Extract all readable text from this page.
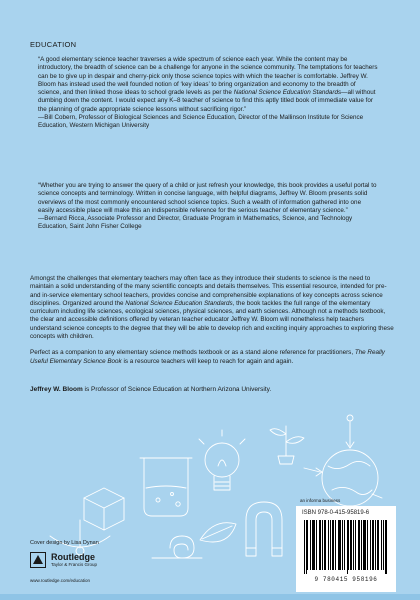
EDUCATION

“A good elementary science teacher traverses a wide spectrum of science each year. While the content may be introductory, the breadth of science can be a challenge for anyone in the science community. The temptations for teachers can be to give up in despair and cherry-pick only those science topics with which the teacher is comfortable. Jeffrey W. Bloom has instead used the well founded notion of ‘key ideas’ to bring organization and economy to the breadth of science, and then linked those ideas to school grade levels as per the National Science Education Standards—all without dumbing down the content. I would expect any K–8 teacher of science to find this aptly titled book of immediate value for the planning of grade appropriate science lessons without sacrificing rigor.”

—Bill Cobern, Professor of Biological Sciences and Science Education, Director of the Mallinson Institute for Science Education, Western Michigan University

“Whether you are trying to answer the query of a child or just refresh your knowledge, this book provides a useful portal to science concepts and terminology. Written in concise language, with helpful diagrams, Jeffrey W. Bloom presents solid overviews of the most commonly encountered school science topics. Such a wealth of information gathered into one easily accessible place will make this an indispensible reference for the serious teacher of elementary science.”

—Bernard Ricca, Associate Professor and Director, Graduate Program in Mathematics, Science, and Technology Education, Saint John Fisher College

Amongst the challenges that elementary teachers may often face as they introduce their students to science is the need to maintain a solid understanding of the many scientific concepts and details themselves. This essential resource, intended for pre- and in-service elementary school teachers, provides concise and comprehensible explanations of key concepts across science disciplines. Organized around the National Science Education Standards, the book tackles the full range of the elementary curriculum including life sciences, ecological sciences, physical sciences, and earth sciences. Although not a methods textbook, the clear and accessible definitions offered by veteran teacher educator Jeffrey W. Bloom will nonetheless help teachers understand science concepts to the degree that they will be able to develop rich and exciting inquiry approaches to exploring these concepts with children.

Perfect as a companion to any elementary science methods textbook or as a stand alone reference for practitioners, The Really Useful Elementary Science Book is a resource teachers will keep to reach for again and again.

Jeffrey W. Bloom is Professor of Science Education at Northern Arizona University.
Cover design by Lisa Dynan
Routledge
Taylor & Francis Group
www.routledge.com/education
an informa business
ISBN 978-0-415-95819-6
9 780415 958196
